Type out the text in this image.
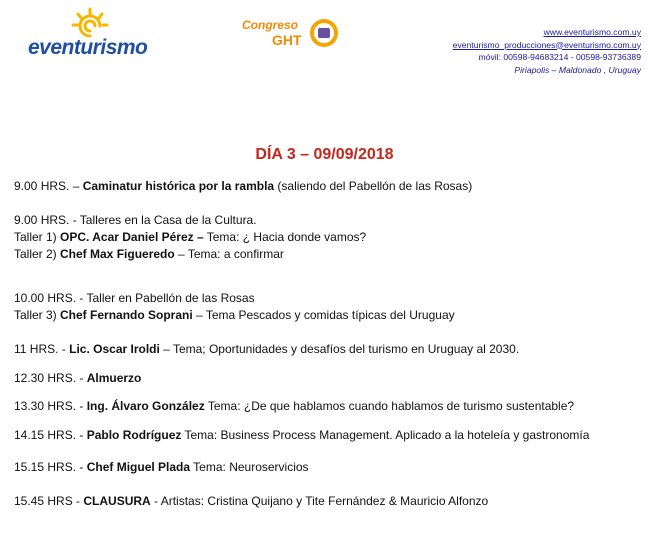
eventurismo
Congreso
GHT	www.eventurismo.com.uy
eventurismo_producciones@eventurismo.com.uy
móvil: 00598-94683214 - 00598-93736389
Piriapolis – Maldonado , Uruguay
DÍA 3 – 09/09/2018
9.00 HRS. – Caminatur histórica por la rambla (saliendo del Pabellón de las Rosas)
9.00 HRS. - Talleres en la Casa de la Cultura.
Taller 1) OPC. Acar Daniel Pérez – Tema: ¿ Hacia donde vamos?
Taller 2) Chef Max Figueredo – Tema: a confirmar
10.00 HRS. - Taller en Pabellón de las Rosas
Taller 3) Chef Fernando Soprani – Tema Pescados y comidas típicas del Uruguay
11 HRS. - Lic. Oscar Iroldi – Tema; Oportunidades y desafíos del turismo en Uruguay al 2030.
12.30 HRS. - Almuerzo
13.30 HRS. - Ing. Álvaro González Tema: ¿De que hablamos cuando hablamos de turismo sustentable?
14.15 HRS. - Pablo Rodríguez Tema: Business Process Management. Aplicado a la hoteleía y gastronomía
15.15 HRS. - Chef Miguel Plada Tema: Neuroservicios
15.45 HRS - CLAUSURA - Artistas: Cristina Quijano y Tite Fernández & Mauricio Alfonzo
